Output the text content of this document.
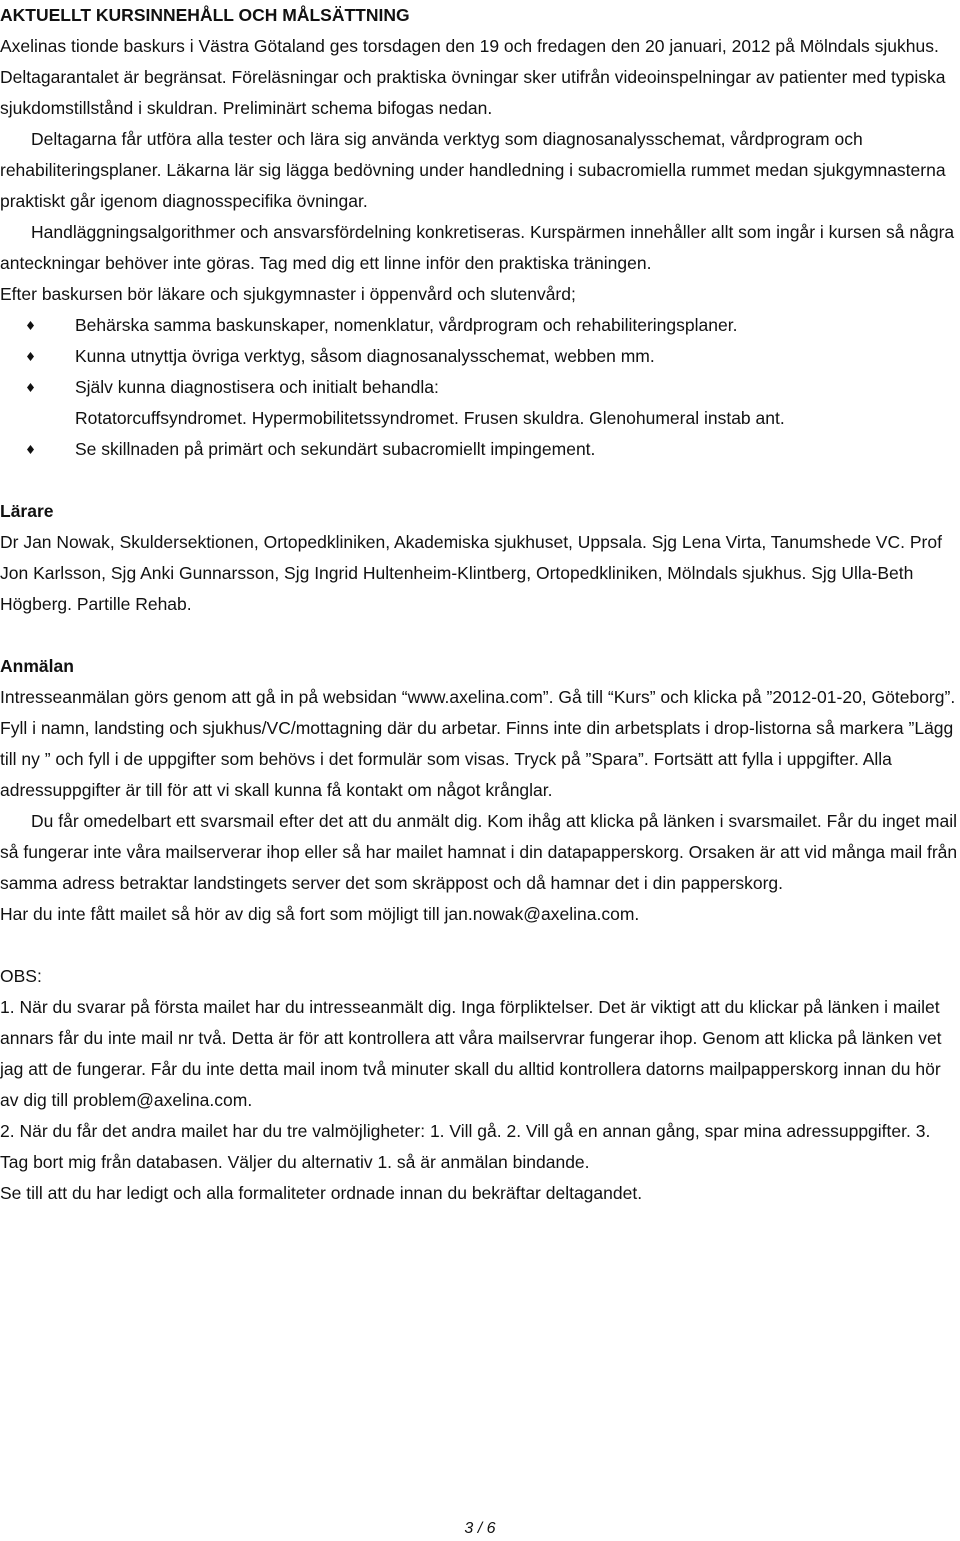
AKTUELLT KURSINNEHÅLL OCH MÅLSÄTTNING

Axelinas tionde baskurs i Västra Götaland ges torsdagen den 19 och fredagen den 20 januari, 2012 på Mölndals sjukhus. Deltagarantalet är begränsat. Föreläsningar och praktiska övningar sker utifrån videoinspelningar av patienter med typiska sjukdomstillstånd i skuldran. Preliminärt schema bifogas nedan.

Deltagarna får utföra alla tester och lära sig använda verktyg som diagnosanalysschemat, vårdprogram och rehabiliteringsplaner. Läkarna lär sig lägga bedövning under handledning i subacromiella rummet medan sjukgymnasterna praktiskt går igenom diagnosspecifika övningar.

Handläggningsalgorithmer och ansvarsfördelning konkretiseras. Kurspärmen innehåller allt som ingår i kursen så några anteckningar behöver inte göras. Tag med dig ett linne inför den praktiska träningen.

Efter baskursen bör läkare och sjukgymnaster i öppenvård och slutenvård;

Behärska samma baskunskaper, nomenklatur, vårdprogram och rehabiliteringsplaner.
Kunna utnyttja övriga verktyg, såsom diagnosanalysschemat, webben mm.
Själv kunna diagnostisera och initialt behandla:
Rotatorcuffsyndromet. Hypermobilitetssyndromet. Frusen skuldra. Glenohumeral instab ant.
Se skillnaden på primärt och sekundärt subacromiellt impingement.
Lärare

Dr Jan Nowak, Skuldersektionen, Ortopedkliniken, Akademiska sjukhuset, Uppsala. Sjg Lena Virta, Tanumshede VC. Prof Jon Karlsson, Sjg Anki Gunnarsson, Sjg Ingrid Hultenheim-Klintberg, Ortopedkliniken, Mölndals sjukhus. Sjg Ulla-Beth Högberg. Partille Rehab.

Anmälan

Intresseanmälan görs genom att gå in på websidan “www.axelina.com”. Gå till “Kurs” och klicka på ”2012-01-20, Göteborg”. Fyll i namn, landsting och sjukhus/VC/mottagning där du arbetar. Finns inte din arbetsplats i drop-listorna så markera ”Lägg till ny ” och fyll i de uppgifter som behövs i det formulär som visas. Tryck på ”Spara”. Fortsätt att fylla i uppgifter. Alla adressuppgifter är till för att vi skall kunna få kontakt om något krånglar.

Du får omedelbart ett svarsmail efter det att du anmält dig. Kom ihåg att klicka på länken i svarsmailet. Får du inget mail så fungerar inte våra mailserverar ihop eller så har mailet hamnat i din datapapperskorg. Orsaken är att vid många mail från samma adress betraktar landstingets server det som skräppost och då hamnar det i din papperskorg.

Har du inte fått mailet så hör av dig så fort som möjligt till jan.nowak@axelina.com.

OBS:

1. När du svarar på första mailet har du intresseanmält dig. Inga förpliktelser. Det är viktigt att du klickar på länken i mailet annars får du inte mail nr två. Detta är för att kontrollera att våra mailservrar fungerar ihop. Genom att klicka på länken vet jag att de fungerar. Får du inte detta mail inom två minuter skall du alltid kontrollera datorns mailpapperskorg innan du hör av dig till problem@axelina.com.

2. När du får det andra mailet har du tre valmöjligheter: 1. Vill gå. 2. Vill gå en annan gång, spar mina adressuppgifter. 3. Tag bort mig från databasen. Väljer du alternativ 1. så är anmälan bindande.

Se till att du har ledigt och alla formaliteter ordnade innan du bekräftar deltagandet.

3 / 6
